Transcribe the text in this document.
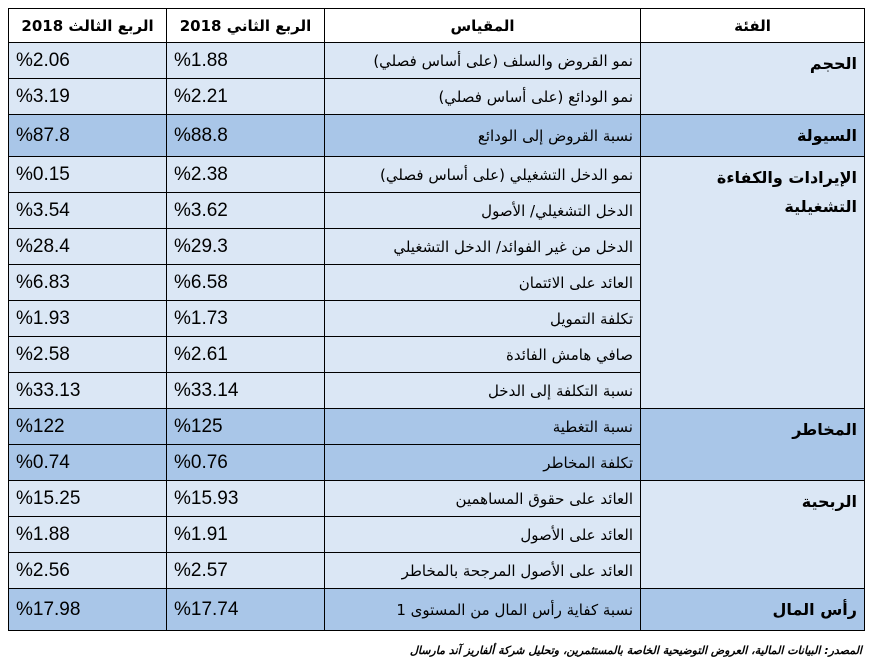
الفئة	المقياس	الربع الثاني 2018	الربع الثالث 2018
الحجم	نمو القروض والسلف (على أساس فصلي)	%1.88	%2.06
	نمو الودائع (على أساس فصلي)	%2.21	%3.19
السيولة	نسبة القروض إلى الودائع	%88.8	%87.8
الإيرادات والكفاءة التشغيلية	نمو الدخل التشغيلي (على أساس فصلي)	%2.38	%0.15
	الدخل التشغيلي/ الأصول	%3.62	%3.54
	الدخل من غير الفوائد/ الدخل التشغيلي	%29.3	%28.4
	العائد على الائتمان	%6.58	%6.83
	تكلفة التمويل	%1.73	%1.93
	صافي هامش الفائدة	%2.61	%2.58
	نسبة التكلفة إلى الدخل	%33.14	%33.13
المخاطر	نسبة التغطية	%125	%122
	تكلفة المخاطر	%0.76	%0.74
الربحية	العائد على حقوق المساهمين	%15.93	%15.25
	العائد على الأصول	%1.91	%1.88
	العائد على الأصول المرجحة بالمخاطر	%2.57	%2.56
رأس المال	نسبة كفاية رأس المال من المستوى 1	%17.74	%17.98
المصدر: البيانات المالية، العروض التوضيحية الخاصة بالمستثمرين، وتحليل شركة ألفاريز آند مارسال
